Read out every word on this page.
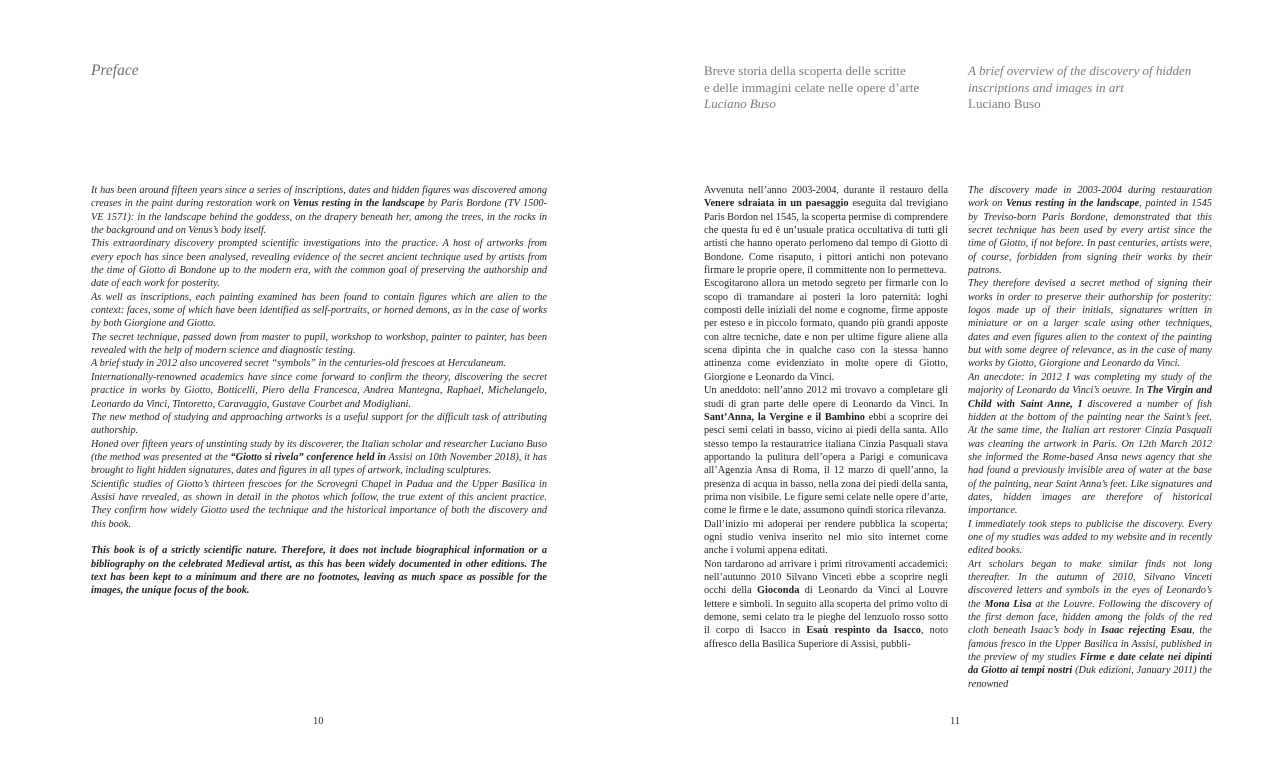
Preface

It has been around fifteen years since a series of inscriptions, dates and hidden figures was discovered among creases in the paint during restoration work on Venus resting in the landscape by Paris Bordone (TV 1500-VE 1571): in the landscape behind the goddess, on the drapery beneath her, among the trees, in the rocks in the background and on Venus’s body itself.

This extraordinary discovery prompted scientific investigations into the practice. A host of artworks from every epoch has since been analysed, revealing evidence of the secret ancient technique used by artists from the time of Giotto di Bondone up to the modern era, with the common goal of preserving the authorship and date of each work for posterity.

As well as inscriptions, each painting examined has been found to contain figures which are alien to the context: faces, some of which have been identified as self-portraits, or horned demons, as in the case of works by both Giorgione and Giotto.

The secret technique, passed down from master to pupil, workshop to workshop, painter to painter, has been revealed with the help of modern science and diagnostic testing.

A brief study in 2012 also uncovered secret “symbols” in the centuries-old frescoes at Herculaneum.

Internationally-renowned academics have since come forward to confirm the theory, discovering the secret practice in works by Giotto, Botticelli, Piero della Francesca, Andrea Mantegna, Raphael, Michelangelo, Leonardo da Vinci, Tintoretto, Caravaggio, Gustave Courbet and Modigliani.

The new method of studying and approaching artworks is a useful support for the difficult task of attributing authorship.

Honed over fifteen years of unstinting study by its discoverer, the Italian scholar and researcher Luciano Buso (the method was presented at the “Giotto si rivela” conference held in Assisi on 10th November 2018), it has brought to light hidden signatures, dates and figures in all types of artwork, including sculptures.

Scientific studies of Giotto’s thirteen frescoes for the Scrovegni Chapel in Padua and the Upper Basilica in Assisi have revealed, as shown in detail in the photos which follow, the true extent of this ancient practice. They confirm how widely Giotto used the technique and the historical importance of both the discovery and this book.

This book is of a strictly scientific nature. Therefore, it does not include biographical information or a bibliography on the celebrated Medieval artist, as this has been widely documented in other editions. The text has been kept to a minimum and there are no footnotes, leaving as much space as possible for the images, the unique focus of the book.

10
Breve storia della scoperta delle scritte
e delle immagini celate nelle opere d’arte
Luciano Buso
A brief overview of the discovery of hidden
inscriptions and images in art
Luciano Buso

Avvenuta nell’anno 2003-2004, durante il restauro della Venere sdraiata in un paesaggio eseguita dal trevigiano Paris Bordon nel 1545, la scoperta permise di comprendere che questa fu ed è un’usuale pratica occultativa di tutti gli artisti che hanno operato perlomeno dal tempo di Giotto di Bondone. Come risaputo, i pittori antichi non potevano firmare le proprie opere, il committente non lo permetteva.

Escogitarono allora un metodo segreto per firmarle con lo scopo di tramandare ai posteri la loro paternità: loghi composti delle iniziali del nome e cognome, firme apposte per esteso e in piccolo formato, quando più grandi apposte con altre tecniche, date e non per ultime figure aliene alla scena dipinta che in qualche caso con la stessa hanno attinenza come evidenziato in molte opere di Giotto, Giorgione e Leonardo da Vinci.

Un aneddoto: nell’anno 2012 mi trovavo a completare gli studi di gran parte delle opere di Leonardo da Vinci. In Sant’Anna, la Vergine e il Bambino ebbi a scoprire dei pesci semi celati in basso, vicino ai piedi della santa. Allo stesso tempo la restauratrice italiana Cinzia Pasquali stava apportando la pulitura dell’opera a Parigi e comunicava all’Agenzia Ansa di Roma, il 12 marzo di quell’anno, la presenza di acqua in basso, nella zona dei piedi della santa, prima non visibile. Le figure semi celate nelle opere d’arte, come le firme e le date, assumono quindi storica rilevanza.

Dall’inizio mi adoperai per rendere pubblica la scoperta; ogni studio veniva inserito nel mio sito internet come anche i volumi appena editati.

Non tardarono ad arrivare i primi ritrovamenti accademici: nell’autunno 2010 Silvano Vinceti ebbe a scoprire negli occhi della Gioconda di Leonardo da Vinci al Louvre lettere e simboli. In seguito alla scoperta del primo volto di demone, semi celato tra le pieghe del lenzuolo rosso sotto il corpo di Isacco in Esaù respinto da Isacco, noto affresco della Basilica Superiore di Assisi, pubbli-

The discovery made in 2003-2004 during restauration work on Venus resting in the landscape, painted in 1545 by Treviso-born Paris Bordone, demonstrated that this secret technique has been used by every artist since the time of Giotto, if not before. In past centuries, artists were, of course, forbidden from signing their works by their patrons.

They therefore devised a secret method of signing their works in order to preserve their authorship for posterity: logos made up of their initials, signatures written in miniature or on a larger scale using other techniques, dates and even figures alien to the context of the painting but with some degree of relevance, as in the case of many works by Giotto, Giorgione and Leonardo da Vinci.

An anecdote: in 2012 I was completing my study of the majority of Leonardo da Vinci’s oeuvre. In The Virgin and Child with Saint Anne, I discovered a number of fish hidden at the bottom of the painting near the Saint’s feet. At the same time, the Italian art restorer Cinzia Pasquali was cleaning the artwork in Paris. On 12th March 2012 she informed the Rome-based Ansa news agency that she had found a previously invisible area of water at the base of the painting, near Saint Anna’s feet. Like signatures and dates, hidden images are therefore of historical importance.

I immediately took steps to publicise the discovery. Every one of my studies was added to my website and in recently edited books.

Art scholars began to make similar finds not long thereafter. In the autumn of 2010, Silvano Vinceti discovered letters and symbols in the eyes of Leonardo’s the Mona Lisa at the Louvre. Following the discovery of the first demon face, hidden among the folds of the red cloth beneath Isaac’s body in Isaac rejecting Esau, the famous fresco in the Upper Basilica in Assisi, published in the preview of my studies Firme e date celate nei dipinti da Giotto ai tempi nostri (Duk edizioni, January 2011) the renowned

11
